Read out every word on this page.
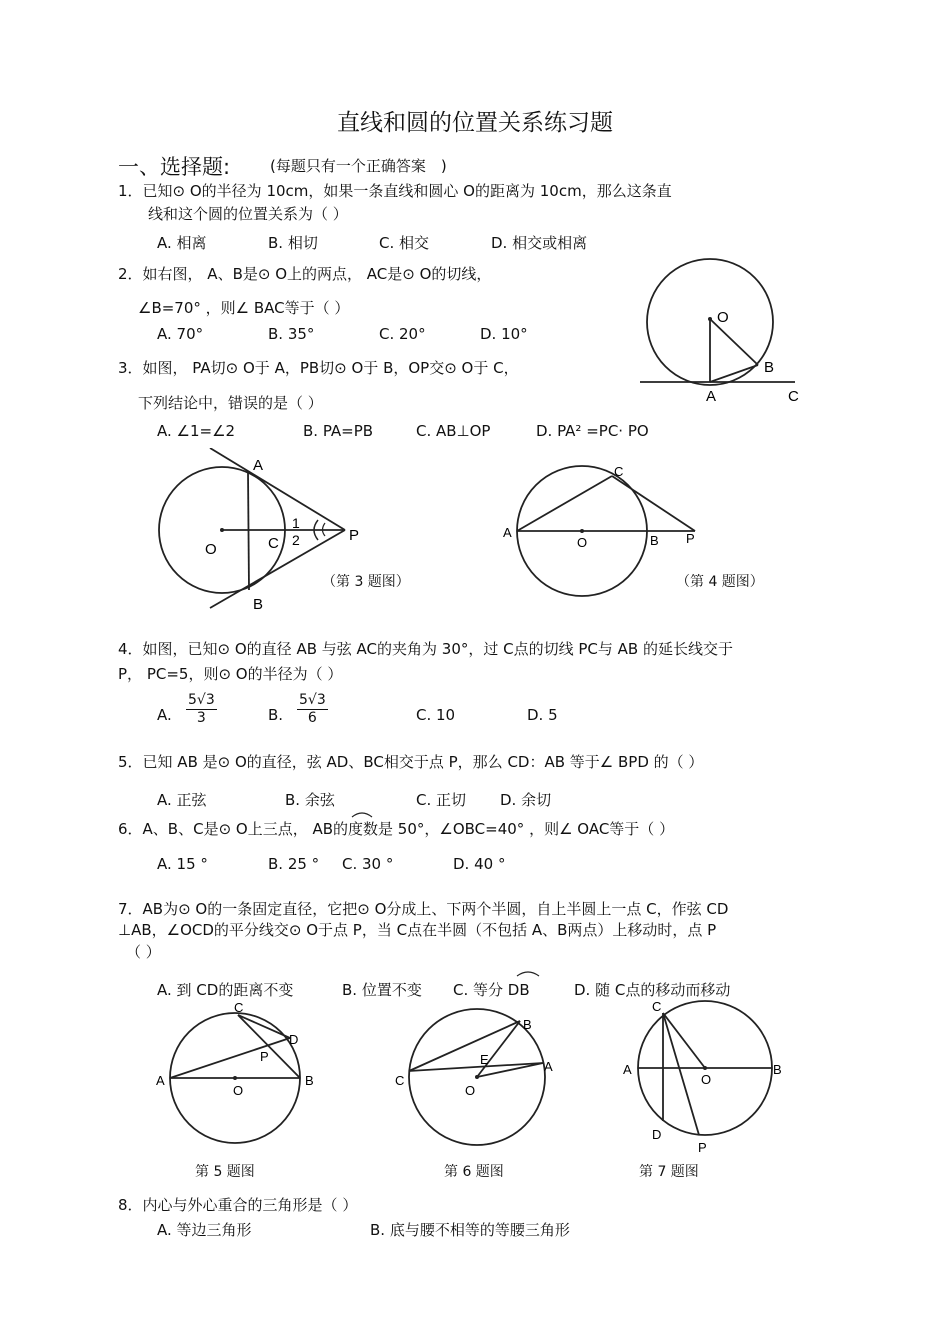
直线和圆的位置关系练习题
一、选择题:	(每题只有一个正确答案　)
1．已知⊙ O的半径为 10cm，如果一条直线和圆心 O的距离为 10cm，那么这条直
线和这个圆的位置关系为（ ）
A. 相离	B. 相切	C. 相交	D. 相交或相离
2．如右图， A、B是⊙ O上的两点， AC是⊙ O的切线，
∠B=70° ，则∠ BAC等于（ ）
A. 70°	B. 35°	C. 20°	D. 10°
O
B
A	C
3．如图， PA切⊙ O于 A，PB切⊙ O于 B，OP交⊙ O于 C，
下列结论中，错误的是（ ）
A. ∠1=∠2	B. PA=PB	C. AB⊥OP	D. PA² =PC· PO
A
B
C
O
P
1
2
（第 3 题图）
A
O	B P
C
（第 4 题图）
4．如图，已知⊙ O的直径 AB 与弦 AC的夹角为 30°，过 C点的切线 PC与 AB 的延长线交于
P， PC=5，则⊙ O的半径为（ ）
A. $\frac{5√3}{3}$	B. $\frac{5√3}{6}$	C. 10	D. 5
5．已知 AB 是⊙ O的直径，弦 AD、BC相交于点 P，那么 CD：AB 等于∠ BPD 的（ ）
A. 正弦	B. 余弦	C. 正切 D. 余切
6．A、B、C是⊙ O上三点， AB的度数是 50°，∠OBC=40° ，则∠ OAC等于（ ）
A. 15 °	B. 25 ° C. 30 °	D. 40 °
7．AB为⊙ O的一条固定直径，它把⊙ O分成上、下两个半圆，自上半圆上一点 C，作弦 CD
⊥AB，∠OCD的平分线交⊙ O于点 P，当 C点在半圆（不包括 A、B两点）上移动时，点 P
（ ）
A. 到 CD的距离不变	B. 位置不变 C. 等分 DB	D. 随 C点的移动而移动
C
D
P
A	B
O
第 5 题图
B
A
C
E
O
第 6 题图
C
A	B
O
D
P
第 7 题图
8．内心与外心重合的三角形是（ ）
A. 等边三角形	B. 底与腰不相等的等腰三角形
